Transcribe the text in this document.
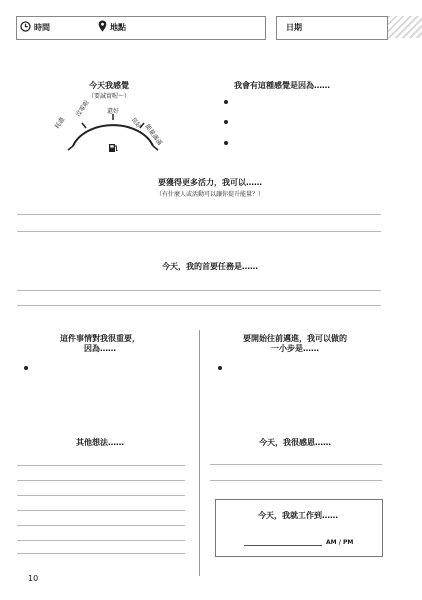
時間	地點	日期
今天我感覺
（要誠實喔～）
耗盡
沒電啦	還好
良好
能量滿滿
我會有這種感覺是因為……
要獲得更多活力，我可以……
（有什麼人或活動可以讓你提升能量？）
今天，我的首要任務是……
這件事情對我很重要，
因為……
要開始往前邁進，我可以做的
一小步是……
其他想法……	今天，我很感恩……
今天，我就工作到……
AM / PM
10
